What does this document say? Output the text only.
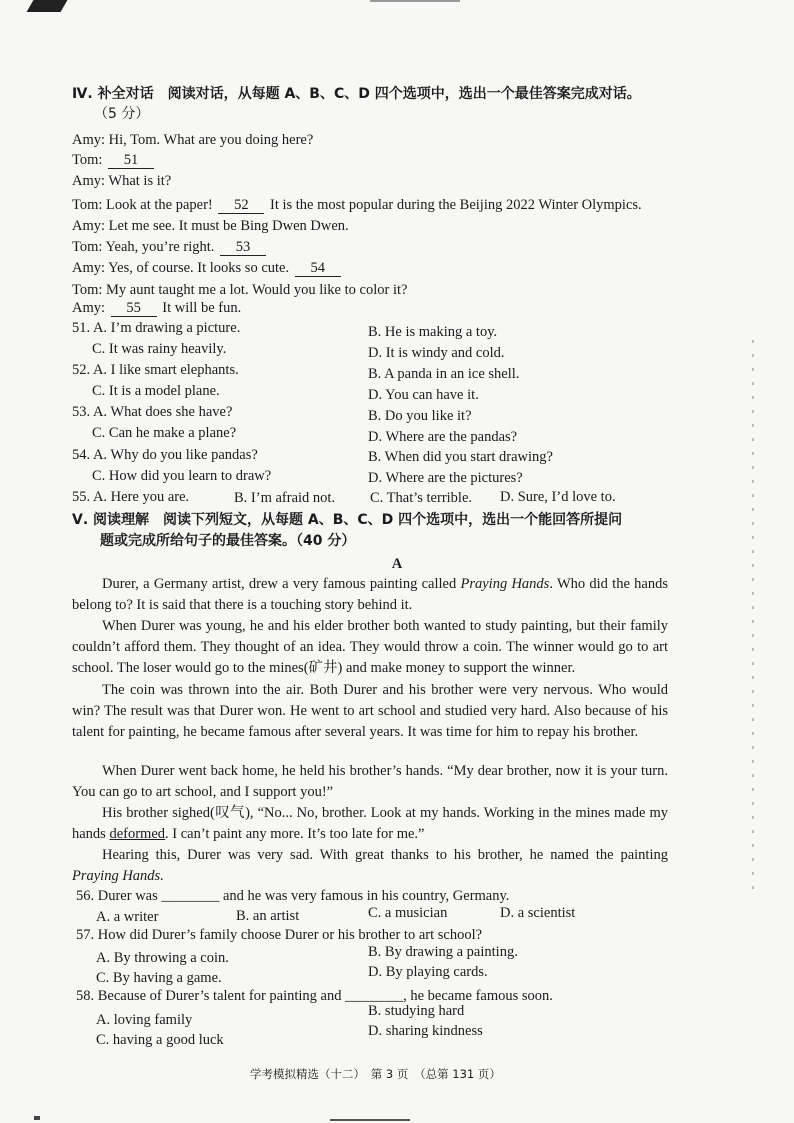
Ⅳ. 补全对话　阅读对话，从每题 A、B、C、D 四个选项中，选出一个最佳答案完成对话。
（5 分）
Amy: Hi, Tom. What are you doing here?
Tom: 51
Amy: What is it?
Tom: Look at the paper! 52 It is the most popular during the Beijing 2022 Winter Olympics.
Amy: Let me see. It must be Bing Dwen Dwen.
Tom: Yeah, you’re right. 53
Amy: Yes, of course. It looks so cute. 54
Tom: My aunt taught me a lot. Would you like to color it?
Amy: 55 It will be fun.
51. A. I’m drawing a picture.	B. He is making a toy.
C. It was rainy heavily.	D. It is windy and cold.
52. A. I like smart elephants.	B. A panda in an ice shell.
C. It is a model plane.	D. You can have it.
53. A. What does she have?	B. Do you like it?
C. Can he make a plane?	D. Where are the pandas?
54. A. Why do you like pandas?	B. When did you start drawing?
C. How did you learn to draw?	D. Where are the pictures?
55. A. Here you are.	B. I’m afraid not. C. That’s terrible. D. Sure, I’d love to.
Ⅴ. 阅读理解　阅读下列短文，从每题 A、B、C、D 四个选项中，选出一个能回答所提问
题或完成所给句子的最佳答案。（40 分）
A
Durer, a Germany artist, drew a very famous painting called Praying Hands. Who did the hands belong to? It is said that there is a touching story behind it.
When Durer was young, he and his elder brother both wanted to study painting, but their family couldn’t afford them. They thought of an idea. They would throw a coin. The winner would go to art school. The loser would go to the mines(矿井) and make money to support the winner.
The coin was thrown into the air. Both Durer and his brother were very nervous. Who would win? The result was that Durer won. He went to art school and studied very hard. Also because of his talent for painting, he became famous after several years. It was time for him to repay his brother.
When Durer went back home, he held his brother’s hands. “My dear brother, now it is your turn. You can go to art school, and I support you!”
His brother sighed(叹气), “No... No, brother. Look at my hands. Working in the mines made my hands deformed. I can’t paint any more. It’s too late for me.”
Hearing this, Durer was very sad. With great thanks to his brother, he named the painting Praying Hands.
56. Durer was ________ and he was very famous in his country, Germany.
A. a writer	B. an artist	C. a musician	D. a scientist
57. How did Durer’s family choose Durer or his brother to art school?
A. By throwing a coin.	B. By drawing a painting.
C. By having a game.	D. By playing cards.
58. Because of Durer’s talent for painting and ________, he became famous soon.
A. loving family
B. studying hard
C. having a good luck
D. sharing kindness
学考模拟精选（十二）　第 3 页　（总第 131 页）
